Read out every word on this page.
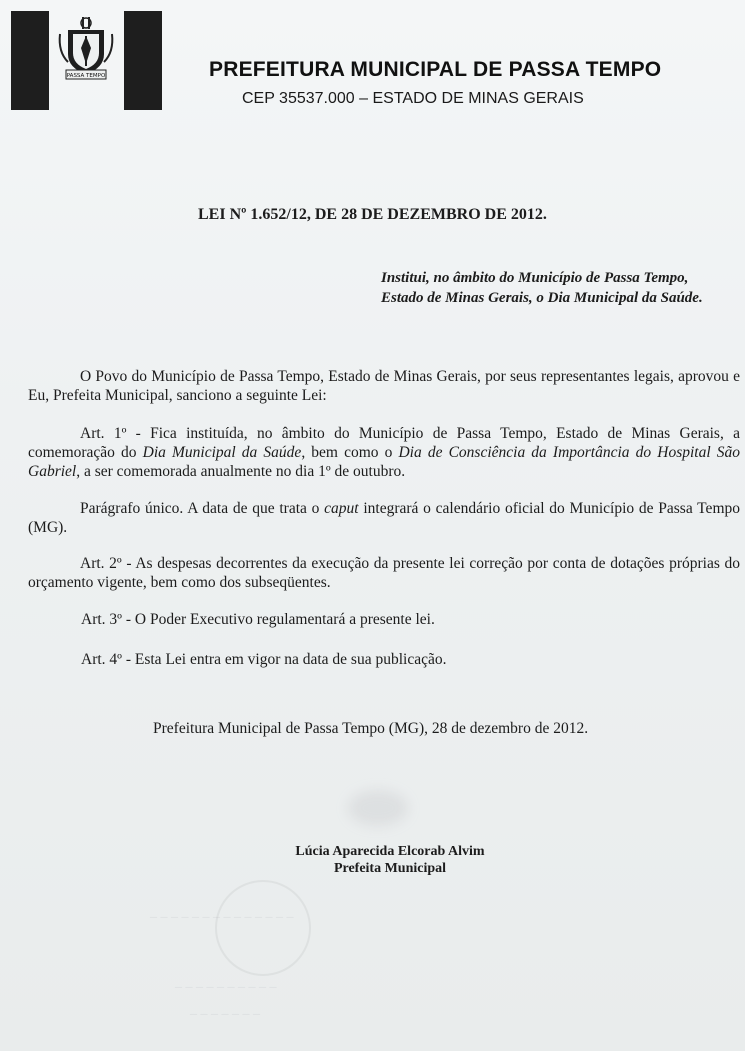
PASSA TEMPO	PREFEITURA MUNICIPAL DE PASSA TEMPO
CEP 35537.000 – ESTADO DE MINAS GERAIS
LEI Nº 1.652/12, DE 28 DE DEZEMBRO DE 2012.
Institui, no âmbito do Município de Passa Tempo,
Estado de Minas Gerais, o Dia Municipal da Saúde.
O Povo do Município de Passa Tempo, Estado de Minas Gerais, por seus representantes legais, aprovou e Eu, Prefeita Municipal, sanciono a seguinte Lei:
Art. 1º - Fica instituída, no âmbito do Município de Passa Tempo, Estado de Minas Gerais, a comemoração do Dia Municipal da Saúde, bem como o Dia de Consciência da Importância do Hospital São Gabriel, a ser comemorada anualmente no dia 1º de outubro.
Parágrafo único. A data de que trata o caput integrará o calendário oficial do Município de Passa Tempo (MG).
Art. 2º - As despesas decorrentes da execução da presente lei correção por conta de dotações próprias do orçamento vigente, bem como dos subseqüentes.
Art. 3º - O Poder Executivo regulamentará a presente lei.
Art. 4º - Esta Lei entra em vigor na data de sua publicação.
Prefeitura Municipal de Passa Tempo (MG), 28 de dezembro de 2012.
Lúcia Aparecida Elcorab Alvim
Prefeita Municipal
_ _ _ _ _ _ _ _ _ _ _ _ _ _
_ _ _ _ _ _ _ _ _ _
_ _ _ _ _ _ _
